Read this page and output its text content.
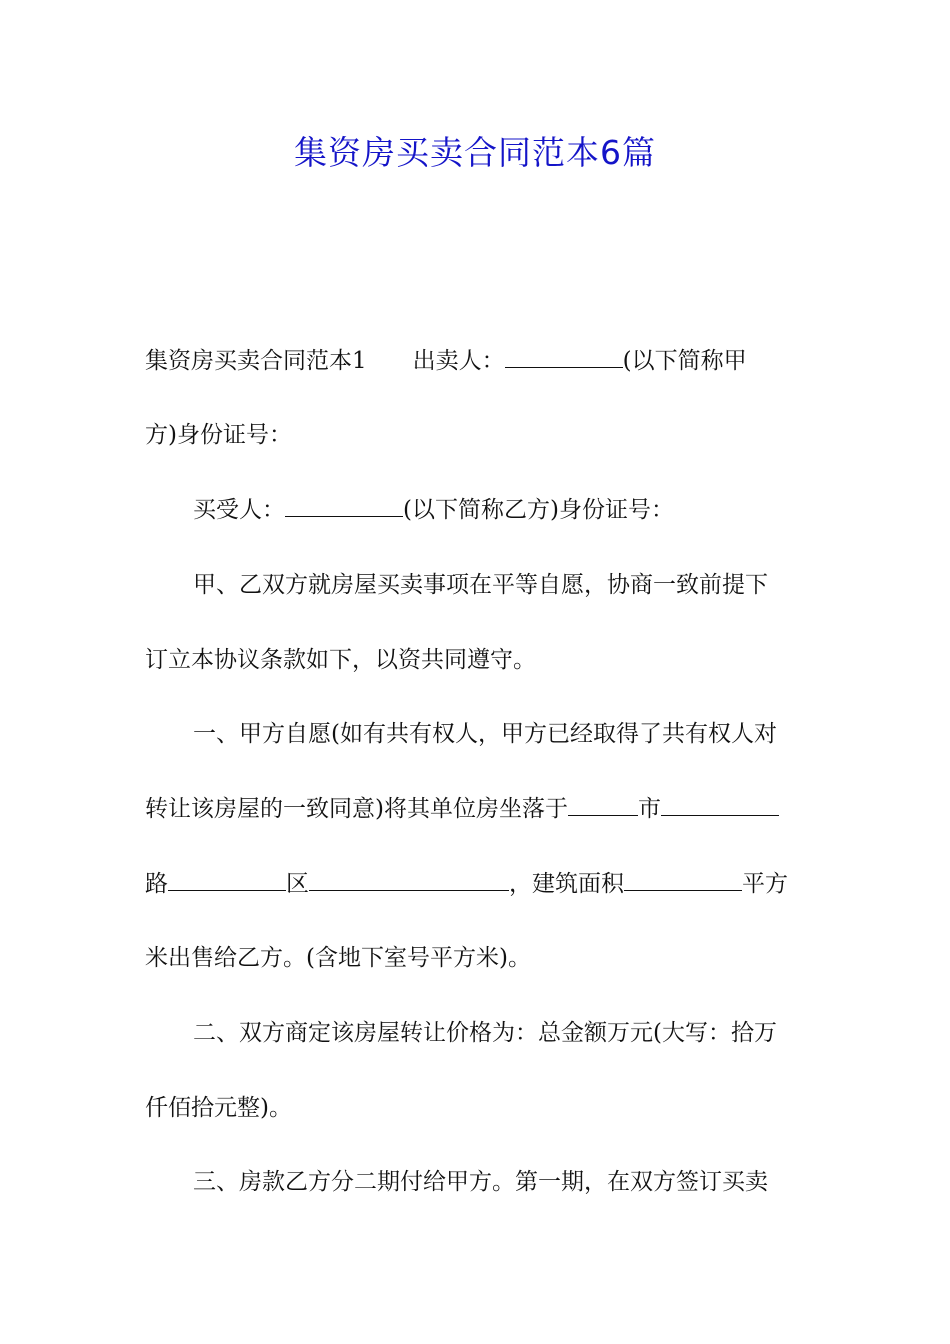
集资房买卖合同范本6篇
集资房买卖合同范本1　　出卖人：	(以下简称甲
方)身份证号：
买受人：	(以下简称乙方)身份证号：
甲、乙双方就房屋买卖事项在平等自愿，协商一致前提下
订立本协议条款如下，以资共同遵守。
一、甲方自愿(如有共有权人，甲方已经取得了共有权人对
转让该房屋的一致同意)将其单位房坐落于	市
路	区	，建筑面积	平方
米出售给乙方。(含地下室号平方米)。
二、双方商定该房屋转让价格为：总金额万元(大写：拾万
仟佰拾元整)。
三、房款乙方分二期付给甲方。第一期，在双方签订买卖
